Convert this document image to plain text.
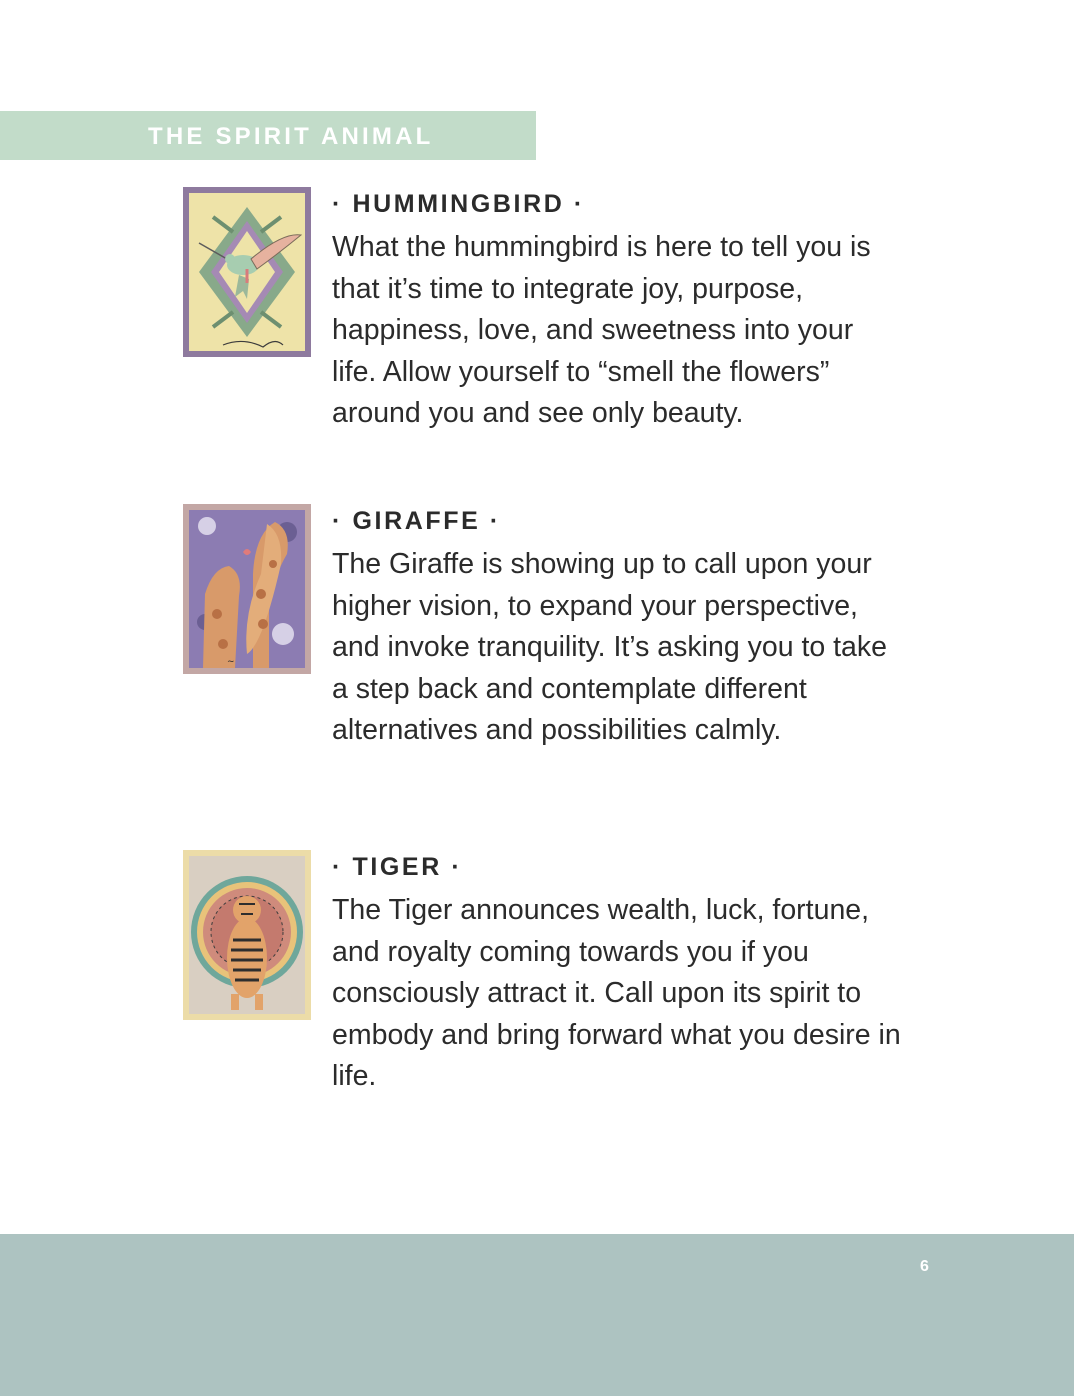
THE SPIRIT ANIMAL
· HUMMINGBIRD ·

What the hummingbird is here to tell you is that it’s time to integrate joy, purpose, happiness, love, and sweetness into your life. Allow yourself to “smell the flowers” around you and see only beauty.

~
· GIRAFFE ·

The Giraffe is showing up to call upon your higher vision, to expand your perspective, and invoke tranquility. It’s asking you to take a step back and contemplate different alternatives and possibilities calmly.

· TIGER ·

The Tiger announces wealth, luck, fortune, and royalty coming towards you if you consciously attract it. Call upon its spirit to embody and bring forward what you desire in life.

6
